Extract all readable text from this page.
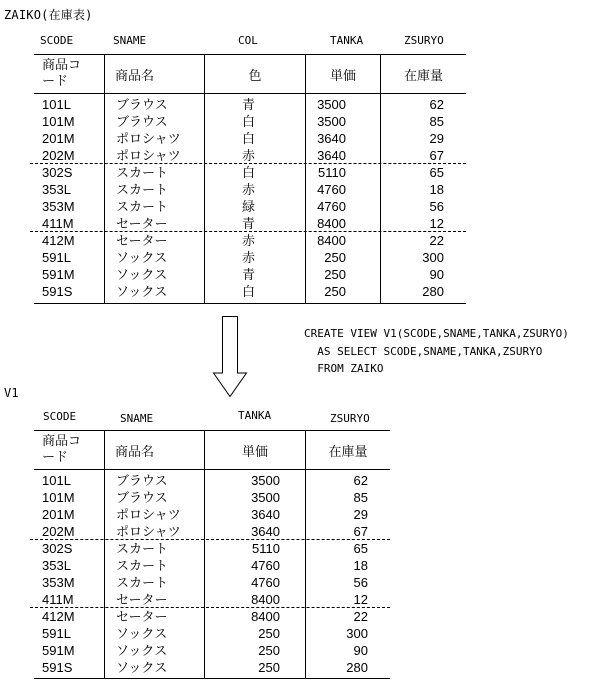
ZAIKO(在庫表)
SCODE	SNAME	COL	TANKA	ZSURYO
商品コ
ード	商品名	色	単価	在庫量
101L	ブラウス	青	3500	62
101M	ブラウス	白	3500	85
201M	ポロシャツ	白	3640	29
202M	ポロシャツ	赤	3640	67
302S	スカート	白	5110	65
353L	スカート	赤	4760	18
353M	スカート	緑	4760	56
411M	セーター	青	8400	12
412M	セーター	赤	8400	22
591L	ソックス	赤	250	300
591M	ソックス	青	250	90
591S	ソックス	白	250	280
CREATE VIEW V1(SCODE,SNAME,TANKA,ZSURYO)
AS SELECT SCODE,SNAME,TANKA,ZSURYO
FROM ZAIKO
V1
SCODE	SNAME	TANKA	ZSURYO
商品コ
ード	商品名	単価	在庫量
101L	ブラウス	3500	62
101M	ブラウス	3500	85
201M	ポロシャツ	3640	29
202M	ポロシャツ	3640	67
302S	スカート	5110	65
353L	スカート	4760	18
353M	スカート	4760	56
411M	セーター	8400	12
412M	セーター	8400	22
591L	ソックス	250	300
591M	ソックス	250	90
591S	ソックス	250	280
